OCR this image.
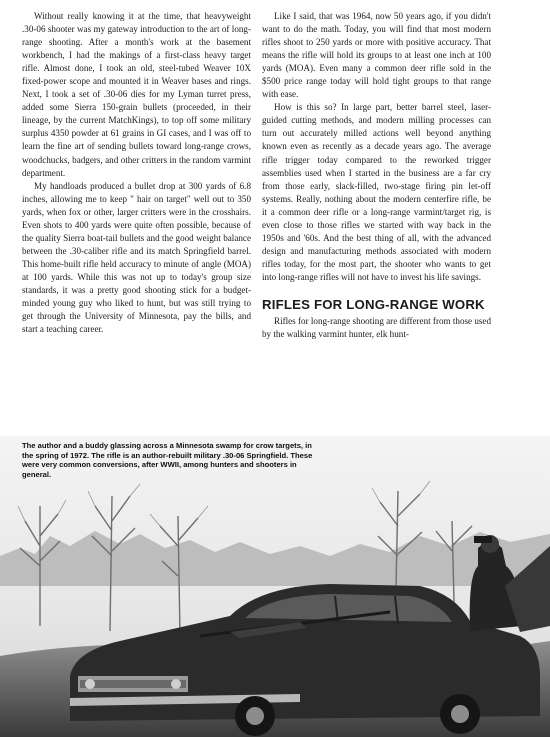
Without really knowing it at the time, that heavyweight .30-06 shooter was my gateway introduction to the art of long-range shooting. After a month's work at the basement workbench, I had the makings of a first-class heavy target rifle. Almost done, I took an old, steel-tubed Weaver 10X fixed-power scope and mounted it in Weaver bases and rings. Next, I took a set of .30-06 dies for my Lyman turret press, added some Sierra 150-grain bullets (proceeded, in their lineage, by the current MatchKings), to top off some military surplus 4350 powder at 61 grains in GI cases, and I was off to learn the fine art of sending bullets toward long-range crows, woodchucks, badgers, and other critters in the random varmint department.

My handloads produced a bullet drop at 300 yards of 6.8 inches, allowing me to keep " hair on target" well out to 350 yards, when fox or other, larger critters were in the crosshairs. Even shots to 400 yards were quite often possible, because of the quality Sierra boat-tail bullets and the good weight balance between the .30-caliber rifle and its match Springfield barrel. This home-built rifle held accuracy to minute of angle (MOA) at 100 yards. While this was not up to today's group size standards, it was a pretty good shooting stick for a budget-minded young guy who liked to hunt, but was still trying to get through the University of Minnesota, pay the bills, and start a teaching career.

Like I said, that was 1964, now 50 years ago, if you didn't want to do the math. Today, you will find that most modern rifles shoot to 250 yards or more with positive accuracy. That means the rifle will hold its groups to at least one inch at 100 yards (MOA). Even many a common deer rifle sold in the $500 price range today will hold tight groups to that range with ease.

How is this so? In large part, better barrel steel, laser-guided cutting methods, and modern milling processes can turn out accurately milled actions well beyond anything known even as recently as a decade years ago. The average rifle trigger today compared to the reworked trigger assemblies used when I started in the business are a far cry from those early, slack-filled, two-stage firing pin let-off systems. Really, nothing about the modern centerfire rifle, be it a common deer rifle or a long-range varmint/target rig, is even close to those rifles we started with way back in the 1950s and '60s. And the best thing of all, with the advanced design and manufacturing methods associated with modern rifles today, for the most part, the shooter who wants to get into long-range rifles will not have to invest his life savings.

RIFLES FOR LONG-RANGE WORK

Rifles for long-range shooting are different from those used by the walking varmint hunter, elk hunt-

The author and a buddy glassing across a Minnesota swamp for crow targets, in the spring of 1972. The rifle is an author-rebuilt military .30-06 Springfield. These were very common conversions, after WWII, among hunters and shooters in general.
